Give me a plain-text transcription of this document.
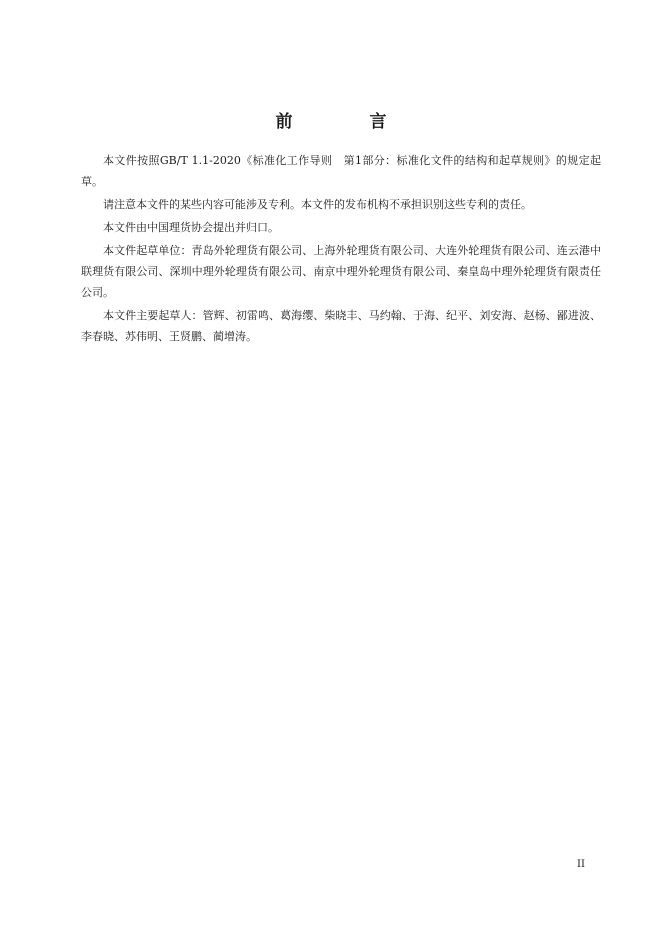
前　言

本文件按照GB/T 1.1-2020《标准化工作导则　第1部分：标准化文件的结构和起草规则》的规定起草。

请注意本文件的某些内容可能涉及专利。本文件的发布机构不承担识别这些专利的责任。

本文件由中国理货协会提出并归口。

本文件起草单位：青岛外轮理货有限公司、上海外轮理货有限公司、大连外轮理货有限公司、连云港中联理货有限公司、深圳中理外轮理货有限公司、南京中理外轮理货有限公司、秦皇岛中理外轮理货有限责任公司。

本文件主要起草人：管辉、初雷鸣、葛海缨、柴晓丰、马约翰、于海、纪平、刘安海、赵杨、鄙进波、李春晓、苏伟明、王贤鹏、蔺增涛。

II
